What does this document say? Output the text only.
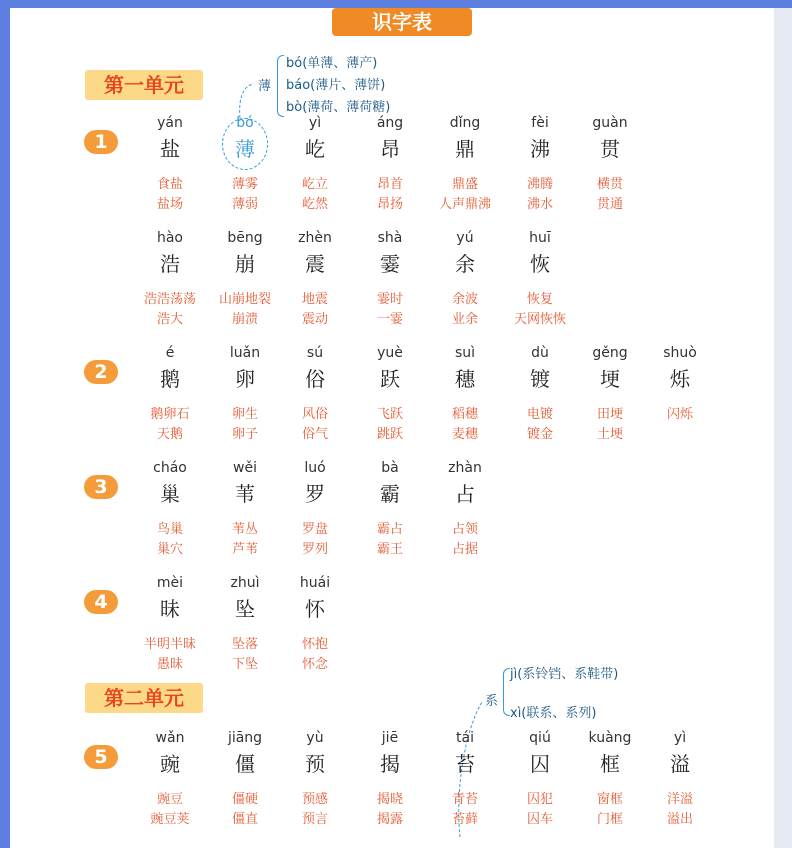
识字表
第一单元
第二单元
薄
bó(单薄、薄产)
báo(薄片、薄饼)
bò(薄荷、薄荷糖)
系
jì(系铃铛、系鞋带)
xì(联系、系列)
1
yán
盐
食盐
盐场
bó
薄
薄雾
薄弱
yì
屹
屹立
屹然
áng
昂
昂首
昂扬
dǐng
鼎
鼎盛
人声鼎沸
fèi
沸
沸腾
沸水
guàn
贯
横贯
贯通
hào
浩
浩浩荡荡
浩大
bēng
崩
山崩地裂
崩溃
zhèn
震
地震
震动
shà
霎
霎时
一霎
yú
余
余波
业余
huī
恢
恢复
天网恢恢
2
é
鹅
鹅卵石
天鹅
luǎn
卵
卵生
卵子
sú
俗
风俗
俗气
yuè
跃
飞跃
跳跃
suì
穗
稻穗
麦穗
dù
镀
电镀
镀金
gěng
埂
田埂
土埂
shuò
烁
闪烁
3
cháo
巢
鸟巢
巢穴
wěi
苇
苇丛
芦苇
luó
罗
罗盘
罗列
bà
霸
霸占
霸王
zhàn
占
占领
占据
4
mèi
昧
半明半昧
愚昧
zhuì
坠
坠落
下坠
huái
怀
怀抱
怀念
5
wǎn
豌
豌豆
豌豆荚
jiāng
僵
僵硬
僵直
yù
预
预感
预言
jiē
揭
揭晓
揭露
tái
苔
青苔
苔藓
qiú
囚
囚犯
囚车
kuàng
框
窗框
门框
yì
溢
洋溢
溢出
